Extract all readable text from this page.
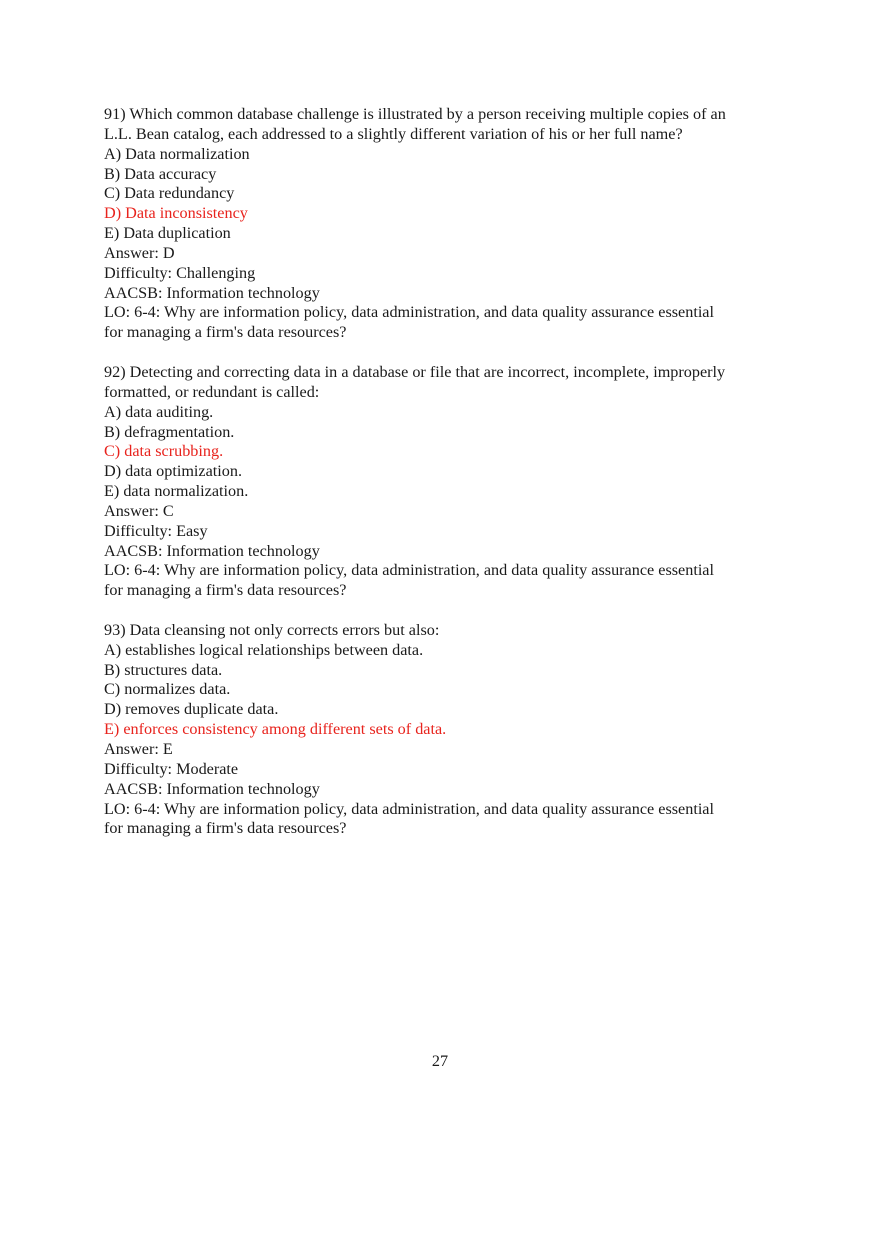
91) Which common database challenge is illustrated by a person receiving multiple copies of an
L.L. Bean catalog, each addressed to a slightly different variation of his or her full name?
A) Data normalization
B) Data accuracy
C) Data redundancy
D) Data inconsistency
E) Data duplication
Answer: D
Difficulty: Challenging
AACSB: Information technology
LO: 6-4: Why are information policy, data administration, and data quality assurance essential
for managing a firm's data resources?
92) Detecting and correcting data in a database or file that are incorrect, incomplete, improperly
formatted, or redundant is called:
A) data auditing.
B) defragmentation.
C) data scrubbing.
D) data optimization.
E) data normalization.
Answer: C
Difficulty: Easy
AACSB: Information technology
LO: 6-4: Why are information policy, data administration, and data quality assurance essential
for managing a firm's data resources?
93) Data cleansing not only corrects errors but also:
A) establishes logical relationships between data.
B) structures data.
C) normalizes data.
D) removes duplicate data.
E) enforces consistency among different sets of data.
Answer: E
Difficulty: Moderate
AACSB: Information technology
LO: 6-4: Why are information policy, data administration, and data quality assurance essential
for managing a firm's data resources?
27
